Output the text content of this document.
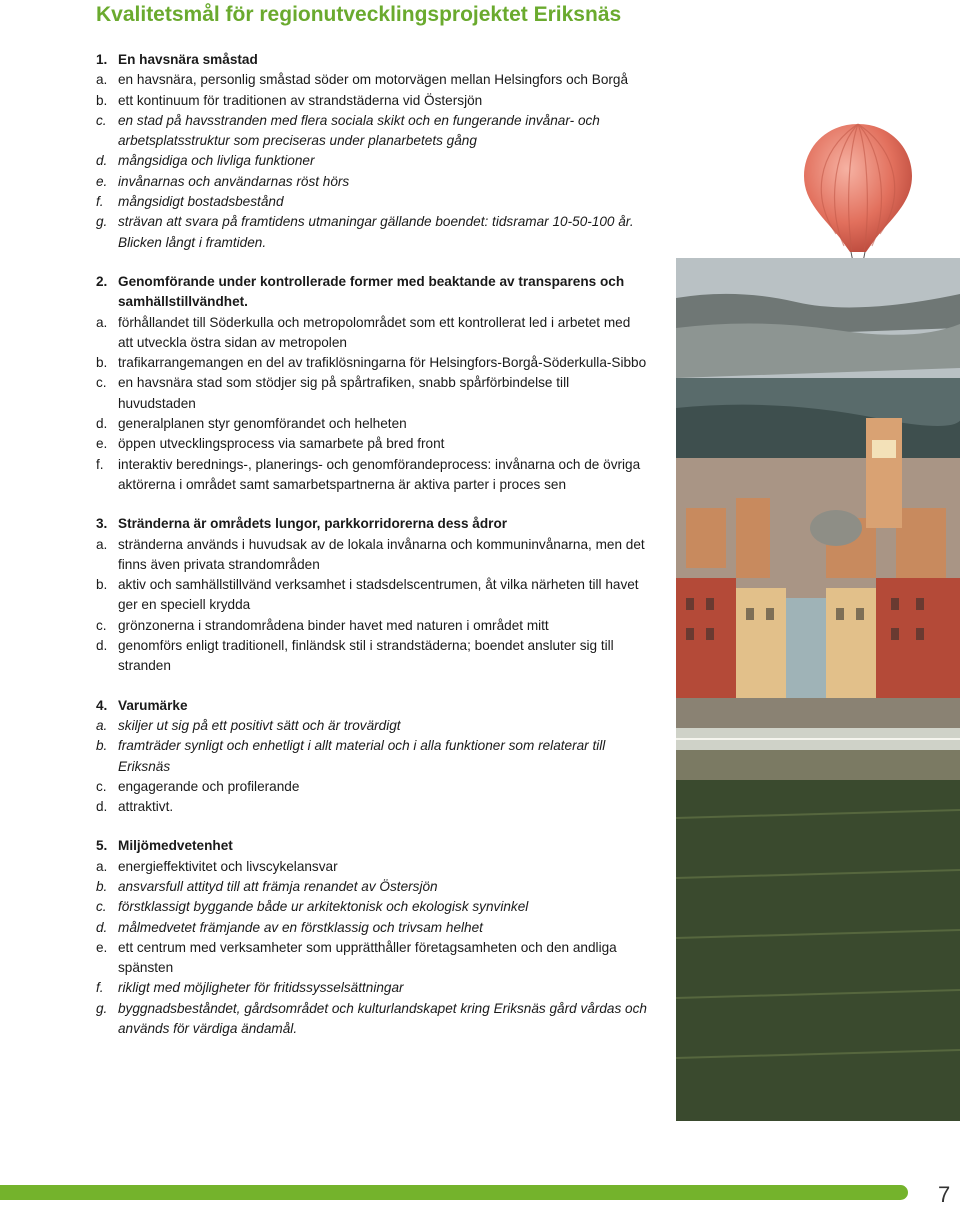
Kvalitetsmål för regionutvecklingsprojektet Eriksnäs
1. En havsnära småstad
a. en havsnära, personlig småstad söder om motorvägen mellan Helsingfors och Borgå
b. ett kontinuum för traditionen av strandstäderna vid Östersjön
c. en stad på havsstranden med flera sociala skikt och en fungerande invånar- och arbetsplatsstruktur som preciseras under planarbetets gång
d. mångsidiga och livliga funktioner
e. invånarnas och användarnas röst hörs
f.	mångsidigt bostadsbestånd
g. strävan att svara på framtidens utmaningar gällande boendet: tidsramar 10-50-100 år. Blicken långt i framtiden.
2. Genomförande under kontrollerade former med beaktande av transparens och samhällstillvändhet.
a. förhållandet till Söderkulla och metropolområdet som ett kontrollerat led i arbetet med att utveckla östra sidan av metropolen
b. trafikarrangemangen en del av trafiklösningarna för Helsingfors-Borgå-Söderkulla-Sibbo
c. en havsnära stad som stödjer sig på spårtrafiken, snabb spårförbindelse till huvudstaden
d. generalplanen styr genomförandet och helheten
e. öppen utvecklingsprocess via samarbete på bred front
f.	interaktiv berednings-, planerings- och genomförandeprocess: invånarna och de övriga aktörerna i området samt samarbetspartnerna är aktiva parter i proces sen
3. Stränderna är områdets lungor, parkkorridorerna dess ådror
a. stränderna används i huvudsak av de lokala invånarna och kommuninvånarna, men det finns även privata strandområden
b. aktiv och samhällstillvänd verksamhet i stadsdelscentrumen, åt vilka närheten till havet ger en speciell krydda
c. grönzonerna i strandområdena binder havet med naturen i området mitt
d. genomförs enligt traditionell, finländsk stil i strandstäderna; boendet ansluter sig till stranden
4. Varumärke
a. skiljer ut sig på ett positivt sätt och är trovärdigt
b. framträder synligt och enhetligt i allt material och i alla funktioner som relaterar till Eriksnäs
c. engagerande och profilerande
d. attraktivt.
5. Miljömedvetenhet
a. energieffektivitet och livscykelansvar
b. ansvarsfull attityd till att främja renandet av Östersjön
c. förstklassigt byggande både ur arkitektonisk och ekologisk synvinkel
d. målmedvetet främjande av en förstklassig och trivsam helhet
e. ett centrum med verksamheter som upprätthåller företagsamheten och den andliga spänsten
f.	rikligt med möjligheter för fritidssysselsättningar
g. byggnadsbeståndet, gårdsområdet och kulturlandskapet kring Eriksnäs gård vårdas och används för värdiga ändamål.
7
